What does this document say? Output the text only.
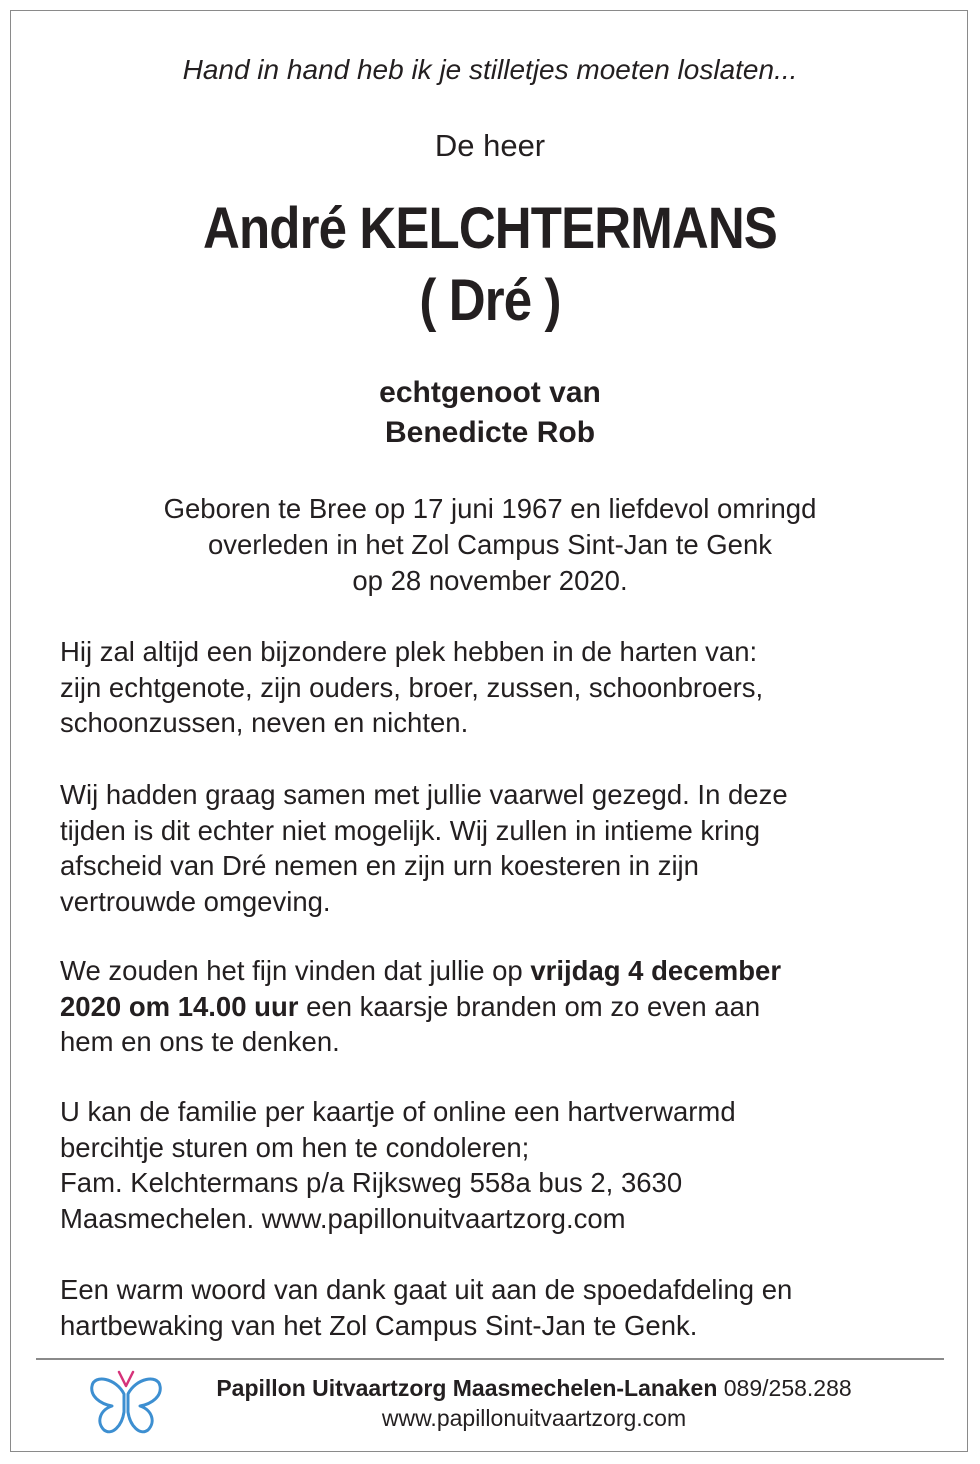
Hand in hand heb ik je stilletjes moeten loslaten...
De heer
André KELCHTERMANS
( Dré )
echtgenoot van
Benedicte Rob
Geboren te Bree op 17 juni 1967 en liefdevol omringd
overleden in het Zol Campus Sint-Jan te Genk
op 28 november 2020.
Hij zal altijd een bijzondere plek hebben in de harten van:
zijn echtgenote, zijn ouders, broer, zussen, schoonbroers,
schoonzussen, neven en nichten.
Wij hadden graag samen met jullie vaarwel gezegd. In deze
tijden is dit echter niet mogelijk. Wij zullen in intieme kring
afscheid van Dré nemen en zijn urn koesteren in zijn
vertrouwde omgeving.
We zouden het fijn vinden dat jullie op vrijdag 4 december
2020 om 14.00 uur een kaarsje branden om zo even aan
hem en ons te denken.
U kan de familie per kaartje of online een hartverwarmd
bercihtje sturen om hen te condoleren;
Fam. Kelchtermans p/a Rijksweg 558a bus 2, 3630
Maasmechelen. www.papillonuitvaartzorg.com
Een warm woord van dank gaat uit aan de spoedafdeling en
hartbewaking van het Zol Campus Sint-Jan te Genk.
Papillon Uitvaartzorg Maasmechelen-Lanaken 089/258.288
www.papillonuitvaartzorg.com
